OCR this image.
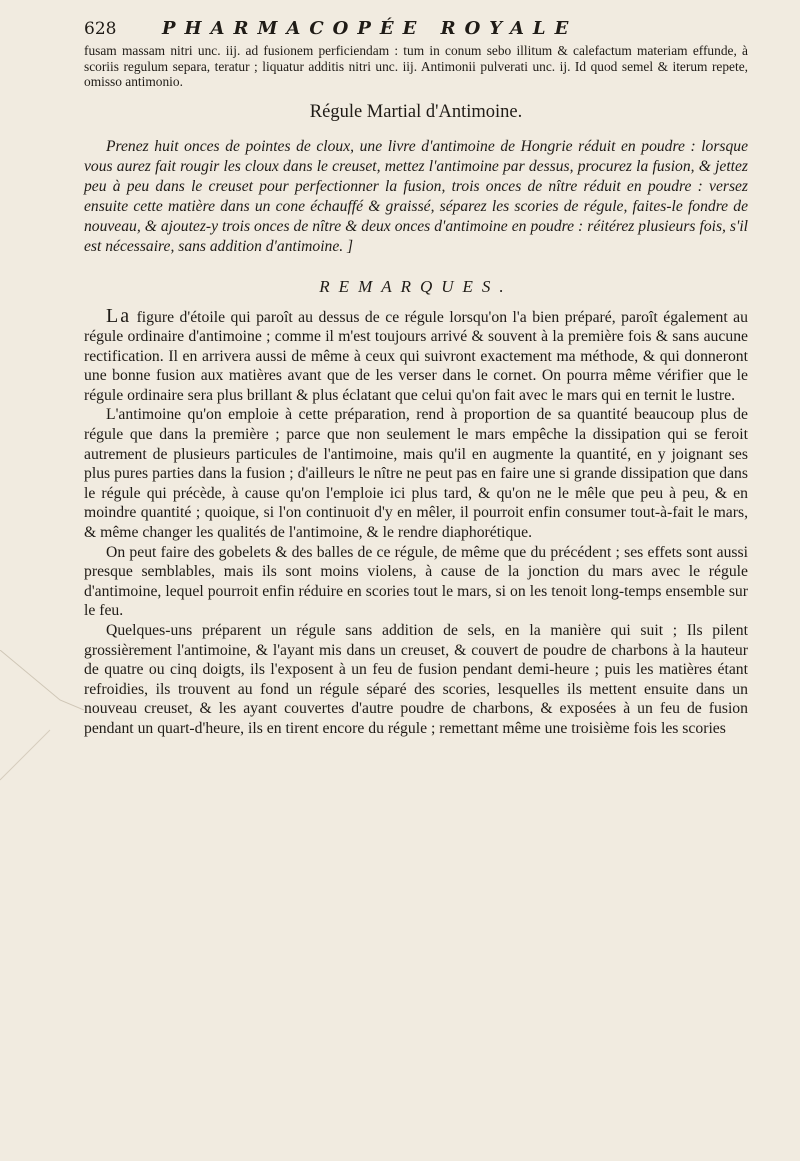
628	PHARMACOPÉE ROYALE

fusam massam nitri unc. iij. ad fusionem perficiendam : tum in conum sebo illitum & calefactum materiam effunde, à scoriis regulum separa, teratur ; liquatur additis nitri unc. iij. Antimonii pulverati unc. ij. Id quod semel & iterum repete, omisso antimonio.

Régule Martial d'Antimoine.

Prenez huit onces de pointes de cloux, une livre d'antimoine de Hongrie réduit en poudre : lorsque vous aurez fait rougir les cloux dans le creuset, mettez l'antimoine par dessus, procurez la fusion, & jettez peu à peu dans le creuset pour perfectionner la fusion, trois onces de nître réduit en poudre : versez ensuite cette matière dans un cone échauffé & graissé, séparez les scories de régule, faites-le fondre de nouveau, & ajoutez-y trois onces de nître & deux onces d'antimoine en poudre : réitérez plusieurs fois, s'il est nécessaire, sans addition d'antimoine. ]

REMARQUES.

La figure d'étoile qui paroît au dessus de ce régule lorsqu'on l'a bien préparé, paroît également au régule ordinaire d'antimoine ; comme il m'est toujours arrivé & souvent à la première fois & sans aucune rectification. Il en arrivera aussi de même à ceux qui suivront exactement ma méthode, & qui donneront une bonne fusion aux matières avant que de les verser dans le cornet. On pourra même vérifier que le régule ordinaire sera plus brillant & plus éclatant que celui qu'on fait avec le mars qui en ternit le lustre.

L'antimoine qu'on emploie à cette préparation, rend à proportion de sa quantité beaucoup plus de régule que dans la première ; parce que non seulement le mars empêche la dissipation qui se feroit autrement de plusieurs particules de l'antimoine, mais qu'il en augmente la quantité, en y joignant ses plus pures parties dans la fusion ; d'ailleurs le nître ne peut pas en faire une si grande dissipation que dans le régule qui précède, à cause qu'on l'emploie ici plus tard, & qu'on ne le mêle que peu à peu, & en moindre quantité ; quoique, si l'on continuoit d'y en mêler, il pourroit enfin consumer tout-à-fait le mars, & même changer les qualités de l'antimoine, & le rendre diaphorétique.

On peut faire des gobelets & des balles de ce régule, de même que du précédent ; ses effets sont aussi presque semblables, mais ils sont moins violens, à cause de la jonction du mars avec le régule d'antimoine, lequel pourroit enfin réduire en scories tout le mars, si on les tenoit long-temps ensemble sur le feu.

Quelques-uns préparent un régule sans addition de sels, en la manière qui suit ; Ils pilent grossièrement l'antimoine, & l'ayant mis dans un creuset, & couvert de poudre de charbons à la hauteur de quatre ou cinq doigts, ils l'exposent à un feu de fusion pendant demi-heure ; puis les matières étant refroidies, ils trouvent au fond un régule séparé des scories, lesquelles ils mettent ensuite dans un nouveau creuset, & les ayant couvertes d'autre poudre de charbons, & exposées à un feu de fusion pendant un quart-d'heure, ils en tirent encore du régule ; remettant même une troisième fois les scories
